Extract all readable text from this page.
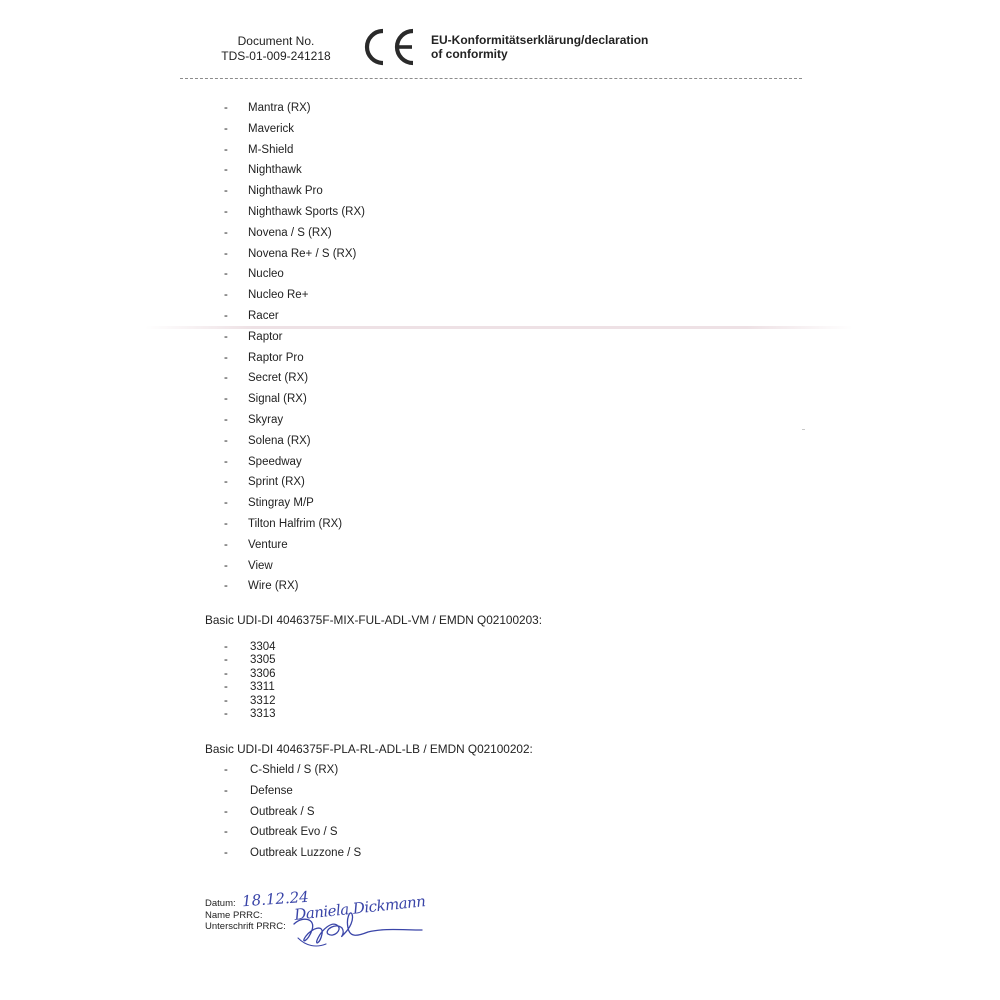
Document No.
TDS-01-009-241218
EU-Konformitätserklärung/declaration
of conformity
- Mantra (RX)
- Maverick
- M-Shield
- Nighthawk
- Nighthawk Pro
- Nighthawk Sports (RX)
- Novena / S (RX)
- Novena Re+ / S (RX)
- Nucleo
- Nucleo Re+
- Racer
- Raptor
- Raptor Pro
- Secret (RX)
- Signal (RX)
- Skyray
- Solena (RX)
- Speedway
- Sprint (RX)
- Stingray M/P
- Tilton Halfrim (RX)
- Venture
- View
- Wire (RX)
Basic UDI-DI 4046375F-MIX-FUL-ADL-VM / EMDN Q02100203:
- 3304
- 3305
- 3306
- 3311
- 3312
- 3313
Basic UDI-DI 4046375F-PLA-RL-ADL-LB / EMDN Q02100202:
- C-Shield / S (RX)
- Defense
- Outbreak / S
- Outbreak Evo / S
- Outbreak Luzzone / S
Datum:
Name PRRC:
Unterschrift PRRC:
18.12.24
Daniela Dickmann
